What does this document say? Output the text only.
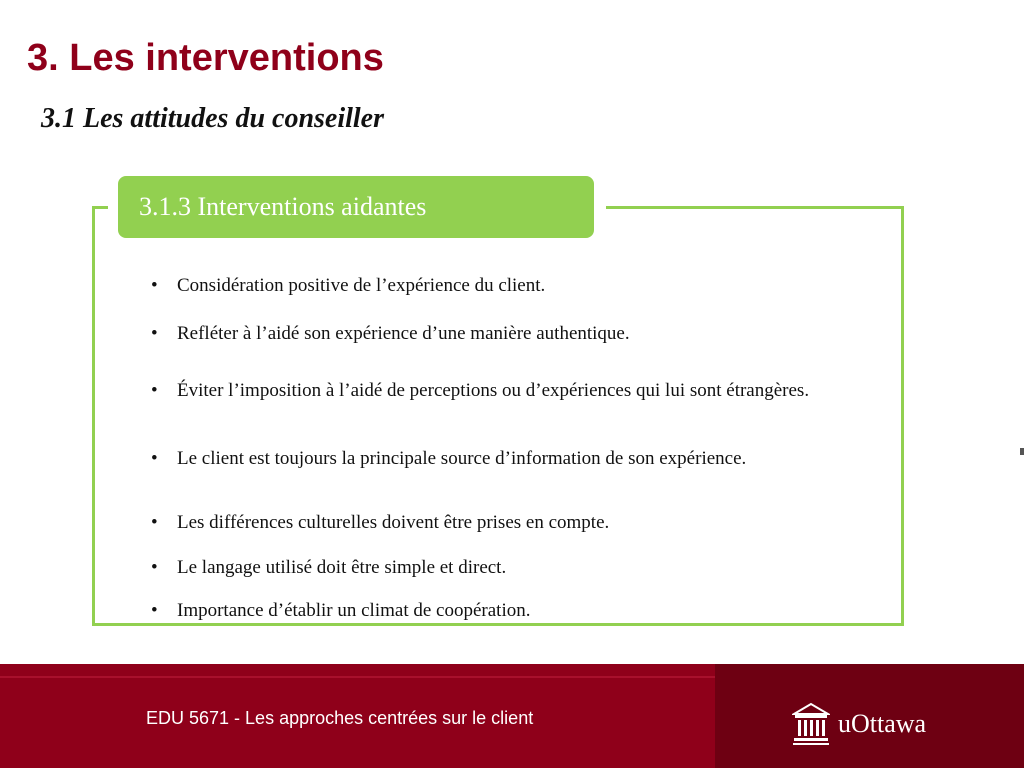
3. Les interventions
3.1 Les attitudes du conseiller
3.1.3 Interventions aidantes
• Considération positive de l’expérience du client.
• Refléter à l’aidé son expérience d’une manière authentique.
• Éviter l’imposition à l’aidé de perceptions ou d’expériences qui lui sont étrangères.
• Le client est toujours la principale source d’information de son expérience.
• Les différences culturelles doivent être prises en compte.
• Le langage utilisé doit être simple et direct.
• Importance d’établir un climat de coopération.
EDU 5671 - Les approches centrées sur le client	uOttawa
